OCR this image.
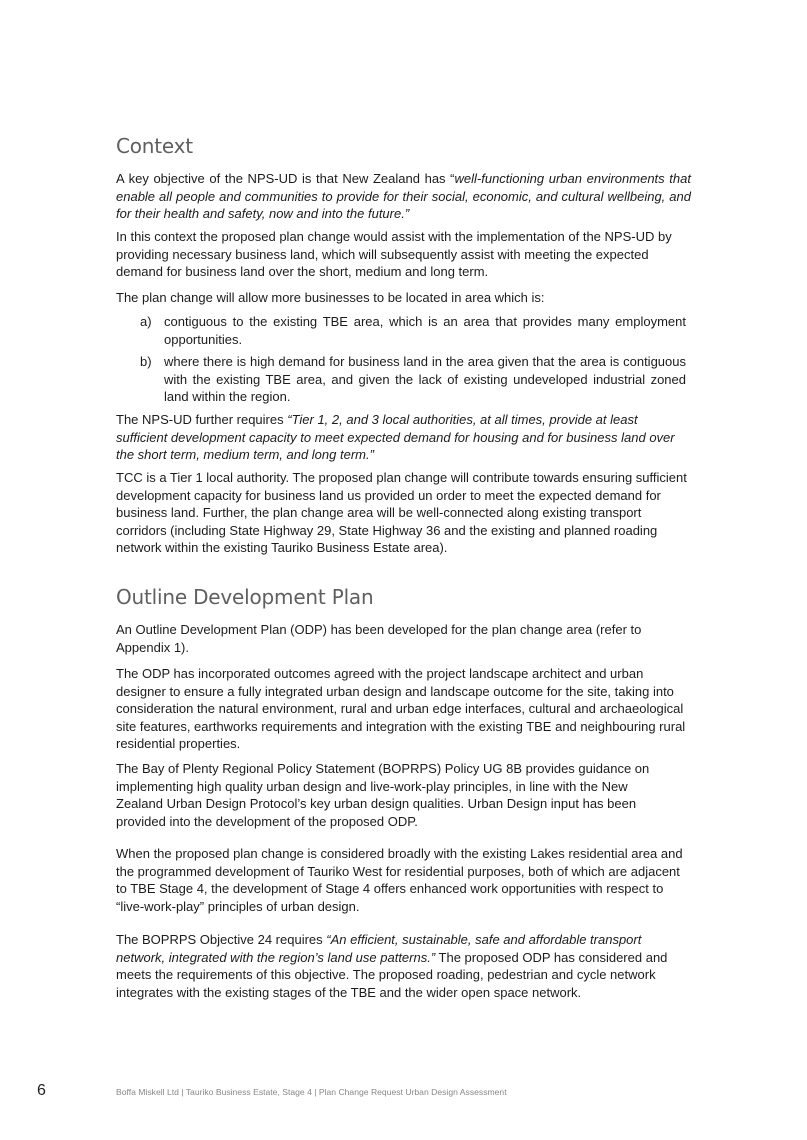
Context

A key objective of the NPS-UD is that New Zealand has “well-functioning urban environments that enable all people and communities to provide for their social, economic, and cultural wellbeing, and for their health and safety, now and into the future.”

In this context the proposed plan change would assist with the implementation of the NPS-UD by providing necessary business land, which will subsequently assist with meeting the expected demand for business land over the short, medium and long term.

The plan change will allow more businesses to be located in area which is:

a) contiguous to the existing TBE area, which is an area that provides many employment opportunities.
b) where there is high demand for business land in the area given that the area is contiguous with the existing TBE area, and given the lack of existing undeveloped industrial zoned land within the region.

The NPS-UD further requires “Tier 1, 2, and 3 local authorities, at all times, provide at least sufficient development capacity to meet expected demand for housing and for business land over the short term, medium term, and long term.”

TCC is a Tier 1 local authority. The proposed plan change will contribute towards ensuring sufficient development capacity for business land us provided un order to meet the expected demand for business land. Further, the plan change area will be well-connected along existing transport corridors (including State Highway 29, State Highway 36 and the existing and planned roading network within the existing Tauriko Business Estate area).

Outline Development Plan

An Outline Development Plan (ODP) has been developed for the plan change area (refer to Appendix 1).

The ODP has incorporated outcomes agreed with the project landscape architect and urban designer to ensure a fully integrated urban design and landscape outcome for the site, taking into consideration the natural environment, rural and urban edge interfaces, cultural and archaeological site features, earthworks requirements and integration with the existing TBE and neighbouring rural residential properties.

The Bay of Plenty Regional Policy Statement (BOPRPS) Policy UG 8B provides guidance on implementing high quality urban design and live-work-play principles, in line with the New Zealand Urban Design Protocol’s key urban design qualities. Urban Design input has been provided into the development of the proposed ODP.

When the proposed plan change is considered broadly with the existing Lakes residential area and the programmed development of Tauriko West for residential purposes, both of which are adjacent to TBE Stage 4, the development of Stage 4 offers enhanced work opportunities with respect to “live-work-play” principles of urban design.

The BOPRPS Objective 24 requires “An efficient, sustainable, safe and affordable transport network, integrated with the region’s land use patterns.” The proposed ODP has considered and meets the requirements of this objective. The proposed roading, pedestrian and cycle network integrates with the existing stages of the TBE and the wider open space network.

6	Boffa Miskell Ltd | Tauriko Business Estate, Stage 4 | Plan Change Request Urban Design Assessment
